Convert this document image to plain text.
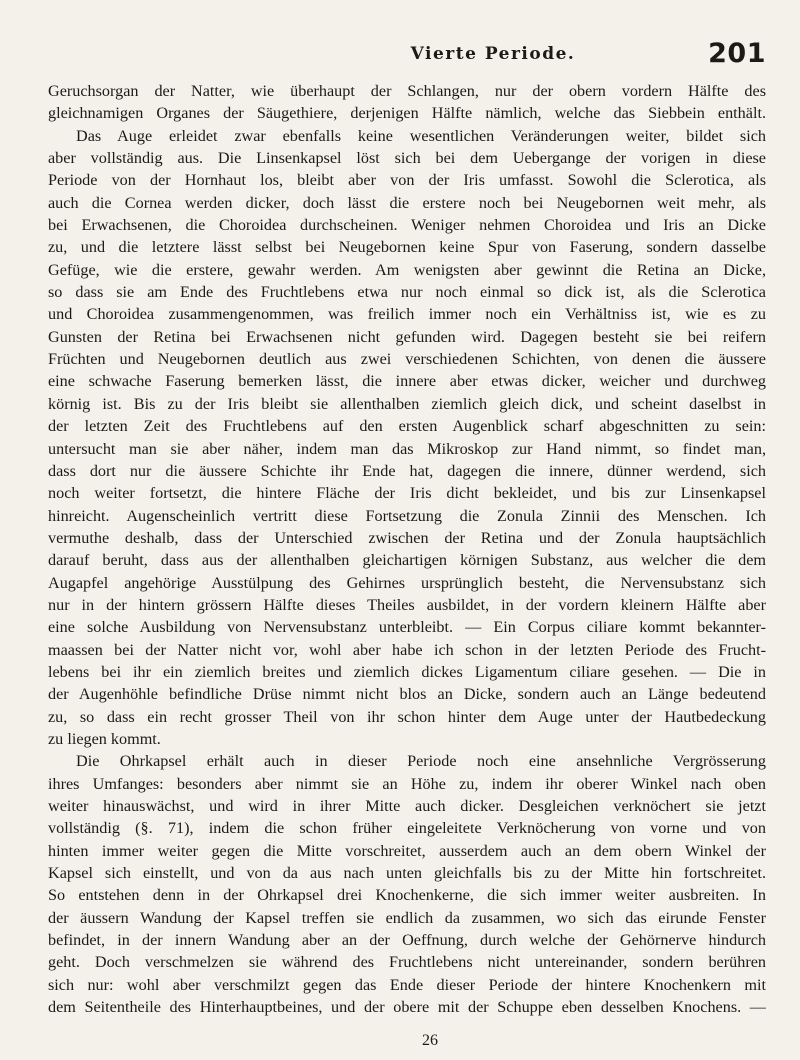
Vierte Periode.	201
Geruchsorgan der Natter, wie überhaupt der Schlangen, nur der obern vordern Hälfte des
gleichnamigen Organes der Säugethiere, derjenigen Hälfte nämlich, welche das Siebbein enthält.
Das Auge erleidet zwar ebenfalls keine wesentlichen Veränderungen weiter, bildet sich
aber vollständig aus. Die Linsenkapsel löst sich bei dem Uebergange der vorigen in diese
Periode von der Hornhaut los, bleibt aber von der Iris umfasst. Sowohl die Sclerotica, als
auch die Cornea werden dicker, doch lässt die erstere noch bei Neugebornen weit mehr, als
bei Erwachsenen, die Choroidea durchscheinen. Weniger nehmen Choroidea und Iris an Dicke
zu, und die letztere lässt selbst bei Neugebornen keine Spur von Faserung, sondern dasselbe
Gefüge, wie die erstere, gewahr werden. Am wenigsten aber gewinnt die Retina an Dicke,
so dass sie am Ende des Fruchtlebens etwa nur noch einmal so dick ist, als die Sclerotica
und Choroidea zusammengenommen, was freilich immer noch ein Verhältniss ist, wie es zu
Gunsten der Retina bei Erwachsenen nicht gefunden wird. Dagegen besteht sie bei reifern
Früchten und Neugebornen deutlich aus zwei verschiedenen Schichten, von denen die äussere
eine schwache Faserung bemerken lässt, die innere aber etwas dicker, weicher und durchweg
körnig ist. Bis zu der Iris bleibt sie allenthalben ziemlich gleich dick, und scheint daselbst in
der letzten Zeit des Fruchtlebens auf den ersten Augenblick scharf abgeschnitten zu sein:
untersucht man sie aber näher, indem man das Mikroskop zur Hand nimmt, so findet man,
dass dort nur die äussere Schichte ihr Ende hat, dagegen die innere, dünner werdend, sich
noch weiter fortsetzt, die hintere Fläche der Iris dicht bekleidet, und bis zur Linsenkapsel
hinreicht. Augenscheinlich vertritt diese Fortsetzung die Zonula Zinnii des Menschen. Ich
vermuthe deshalb, dass der Unterschied zwischen der Retina und der Zonula hauptsächlich
darauf beruht, dass aus der allenthalben gleichartigen körnigen Substanz, aus welcher die dem
Augapfel angehörige Ausstülpung des Gehirnes ursprünglich besteht, die Nervensubstanz sich
nur in der hintern grössern Hälfte dieses Theiles ausbildet, in der vordern kleinern Hälfte aber
eine solche Ausbildung von Nervensubstanz unterbleibt. — Ein Corpus ciliare kommt bekannter-
maassen bei der Natter nicht vor, wohl aber habe ich schon in der letzten Periode des Frucht-
lebens bei ihr ein ziemlich breites und ziemlich dickes Ligamentum ciliare gesehen. — Die in
der Augenhöhle befindliche Drüse nimmt nicht blos an Dicke, sondern auch an Länge bedeutend
zu, so dass ein recht grosser Theil von ihr schon hinter dem Auge unter der Hautbedeckung
zu liegen kommt.
Die Ohrkapsel erhält auch in dieser Periode noch eine ansehnliche Vergrösserung
ihres Umfanges: besonders aber nimmt sie an Höhe zu, indem ihr oberer Winkel nach oben
weiter hinauswächst, und wird in ihrer Mitte auch dicker. Desgleichen verknöchert sie jetzt
vollständig (§. 71), indem die schon früher eingeleitete Verknöcherung von vorne und von
hinten immer weiter gegen die Mitte vorschreitet, ausserdem auch an dem obern Winkel der
Kapsel sich einstellt, und von da aus nach unten gleichfalls bis zu der Mitte hin fortschreitet.
So entstehen denn in der Ohrkapsel drei Knochenkerne, die sich immer weiter ausbreiten. In
der äussern Wandung der Kapsel treffen sie endlich da zusammen, wo sich das eirunde Fenster
befindet, in der innern Wandung aber an der Oeffnung, durch welche der Gehörnerve hindurch
geht. Doch verschmelzen sie während des Fruchtlebens nicht untereinander, sondern berühren
sich nur: wohl aber verschmilzt gegen das Ende dieser Periode der hintere Knochenkern mit
dem Seitentheile des Hinterhauptbeines, und der obere mit der Schuppe eben desselben Knochens. —
26
